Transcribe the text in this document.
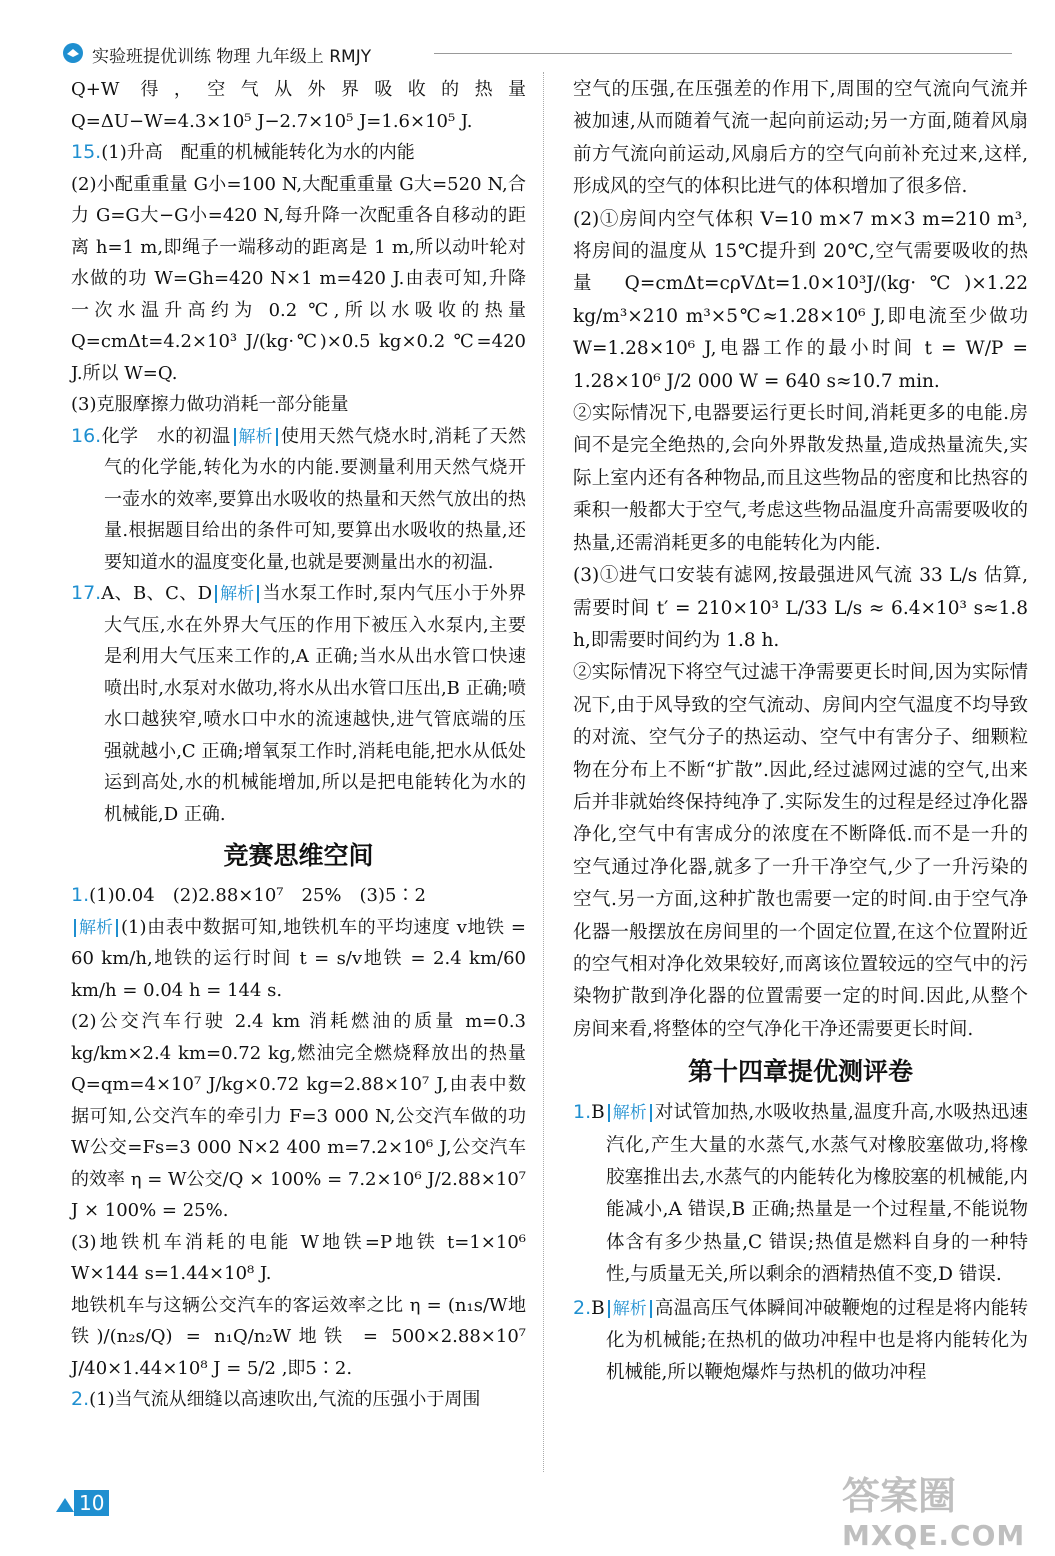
实验班提优训练 物理 九年级上 RMJY

Q+W 得，空气从外界吸收的热量 Q=ΔU−W=4.3×10⁵ J−2.7×10⁵ J=1.6×10⁵ J.

15.(1)升高　配重的机械能转化为水的内能

(2)小配重重量 G小=100 N,大配重重量 G大=520 N,合力 G=G大−G小=420 N,每升降一次配重各自移动的距离 h=1 m,即绳子一端移动的距离是 1 m,所以动叶轮对水做的功 W=Gh=420 N×1 m=420 J.由表可知,升降一次水温升高约为 0.2 ℃,所以水吸收的热量 Q=cmΔt=4.2×10³ J/(kg·℃)×0.5 kg×0.2 ℃=420 J.所以 W=Q.

(3)克服摩擦力做功消耗一部分能量

16.化学　水的初温 解析 使用天然气烧水时,消耗了天然气的化学能,转化为水的内能.要测量利用天然气烧开一壶水的效率,要算出水吸收的热量和天然气放出的热量.根据题目给出的条件可知,要算出水吸收的热量,还要知道水的温度变化量,也就是要测量出水的初温.

17.A、B、C、D 解析 当水泵工作时,泵内气压小于外界大气压,水在外界大气压的作用下被压入水泵内,主要是利用大气压来工作的,A 正确;当水从出水管口快速喷出时,水泵对水做功,将水从出水管口压出,B 正确;喷水口越狭窄,喷水口中水的流速越快,进气管底端的压强就越小,C 正确;增氧泵工作时,消耗电能,把水从低处运到高处,水的机械能增加,所以是把电能转化为水的机械能,D 正确.

竞赛思维空间

1.(1)0.04　(2)2.88×10⁷　25%　(3)5∶2

解析 (1)由表中数据可知,地铁机车的平均速度 v地铁 = 60 km/h,地铁的运行时间 t = s/v地铁 = 2.4 km/60 km/h = 0.04 h = 144 s.

(2)公交汽车行驶 2.4 km 消耗燃油的质量 m=0.3 kg/km×2.4 km=0.72 kg,燃油完全燃烧释放出的热量 Q=qm=4×10⁷ J/kg×0.72 kg=2.88×10⁷ J,由表中数据可知,公交汽车的牵引力 F=3 000 N,公交汽车做的功 W公交=Fs=3 000 N×2 400 m=7.2×10⁶ J,公交汽车的效率 η = W公交/Q × 100% = 7.2×10⁶ J/2.88×10⁷ J × 100% = 25%.

(3)地铁机车消耗的电能 W地铁=P地铁 t=1×10⁶ W×144 s=1.44×10⁸ J.

地铁机车与这辆公交汽车的客运效率之比 η = (n₁s/W地铁)/(n₂s/Q) = n₁Q/n₂W地铁 = 500×2.88×10⁷ J/40×1.44×10⁸ J = 5/2 ,即5∶2.

2.(1)当气流从细缝以高速吹出,气流的压强小于周围

空气的压强,在压强差的作用下,周围的空气流向气流并被加速,从而随着气流一起向前运动;另一方面,随着风扇前方气流向前运动,风扇后方的空气向前补充过来,这样,形成风的空气的体积比进气的体积增加了很多倍.

(2)①房间内空气体积 V=10 m×7 m×3 m=210 m³,将房间的温度从 15℃提升到 20℃,空气需要吸收的热量 Q=cmΔt=cρVΔt=1.0×10³J/(kg·℃)×1.22 kg/m³×210 m³×5℃≈1.28×10⁶ J,即电流至少做功 W=1.28×10⁶ J,电器工作的最小时间 t = W/P = 1.28×10⁶ J/2 000 W = 640 s≈10.7 min.

②实际情况下,电器要运行更长时间,消耗更多的电能.房间不是完全绝热的,会向外界散发热量,造成热量流失,实际上室内还有各种物品,而且这些物品的密度和比热容的乘积一般都大于空气,考虑这些物品温度升高需要吸收的热量,还需消耗更多的电能转化为内能.

(3)①进气口安装有滤网,按最强进风气流 33 L/s 估算,需要时间 t′ = 210×10³ L/33 L/s ≈ 6.4×10³ s≈1.8 h,即需要时间约为 1.8 h.

②实际情况下将空气过滤干净需要更长时间,因为实际情况下,由于风导致的空气流动、房间内空气温度不均导致的对流、空气分子的热运动、空气中有害分子、细颗粒物在分布上不断“扩散”.因此,经过滤网过滤的空气,出来后并非就始终保持纯净了.实际发生的过程是经过净化器净化,空气中有害成分的浓度在不断降低.而不是一升的空气通过净化器,就多了一升干净空气,少了一升污染的空气.另一方面,这种扩散也需要一定的时间.由于空气净化器一般摆放在房间里的一个固定位置,在这个位置附近的空气相对净化效果较好,而离该位置较远的空气中的污染物扩散到净化器的位置需要一定的时间.因此,从整个房间来看,将整体的空气净化干净还需要更长时间.

第十四章提优测评卷

1.B 解析 对试管加热,水吸收热量,温度升高,水吸热迅速汽化,产生大量的水蒸气,水蒸气对橡胶塞做功,将橡胶塞推出去,水蒸气的内能转化为橡胶塞的机械能,内能减小,A 错误,B 正确;热量是一个过程量,不能说物体含有多少热量,C 错误;热值是燃料自身的一种特性,与质量无关,所以剩余的酒精热值不变,D 错误.

2.B 解析 高温高压气体瞬间冲破鞭炮的过程是将内能转化为机械能;在热机的做功冲程中也是将内能转化为机械能,所以鞭炮爆炸与热机的做功冲程

10	答案圈
MXQE.COM
